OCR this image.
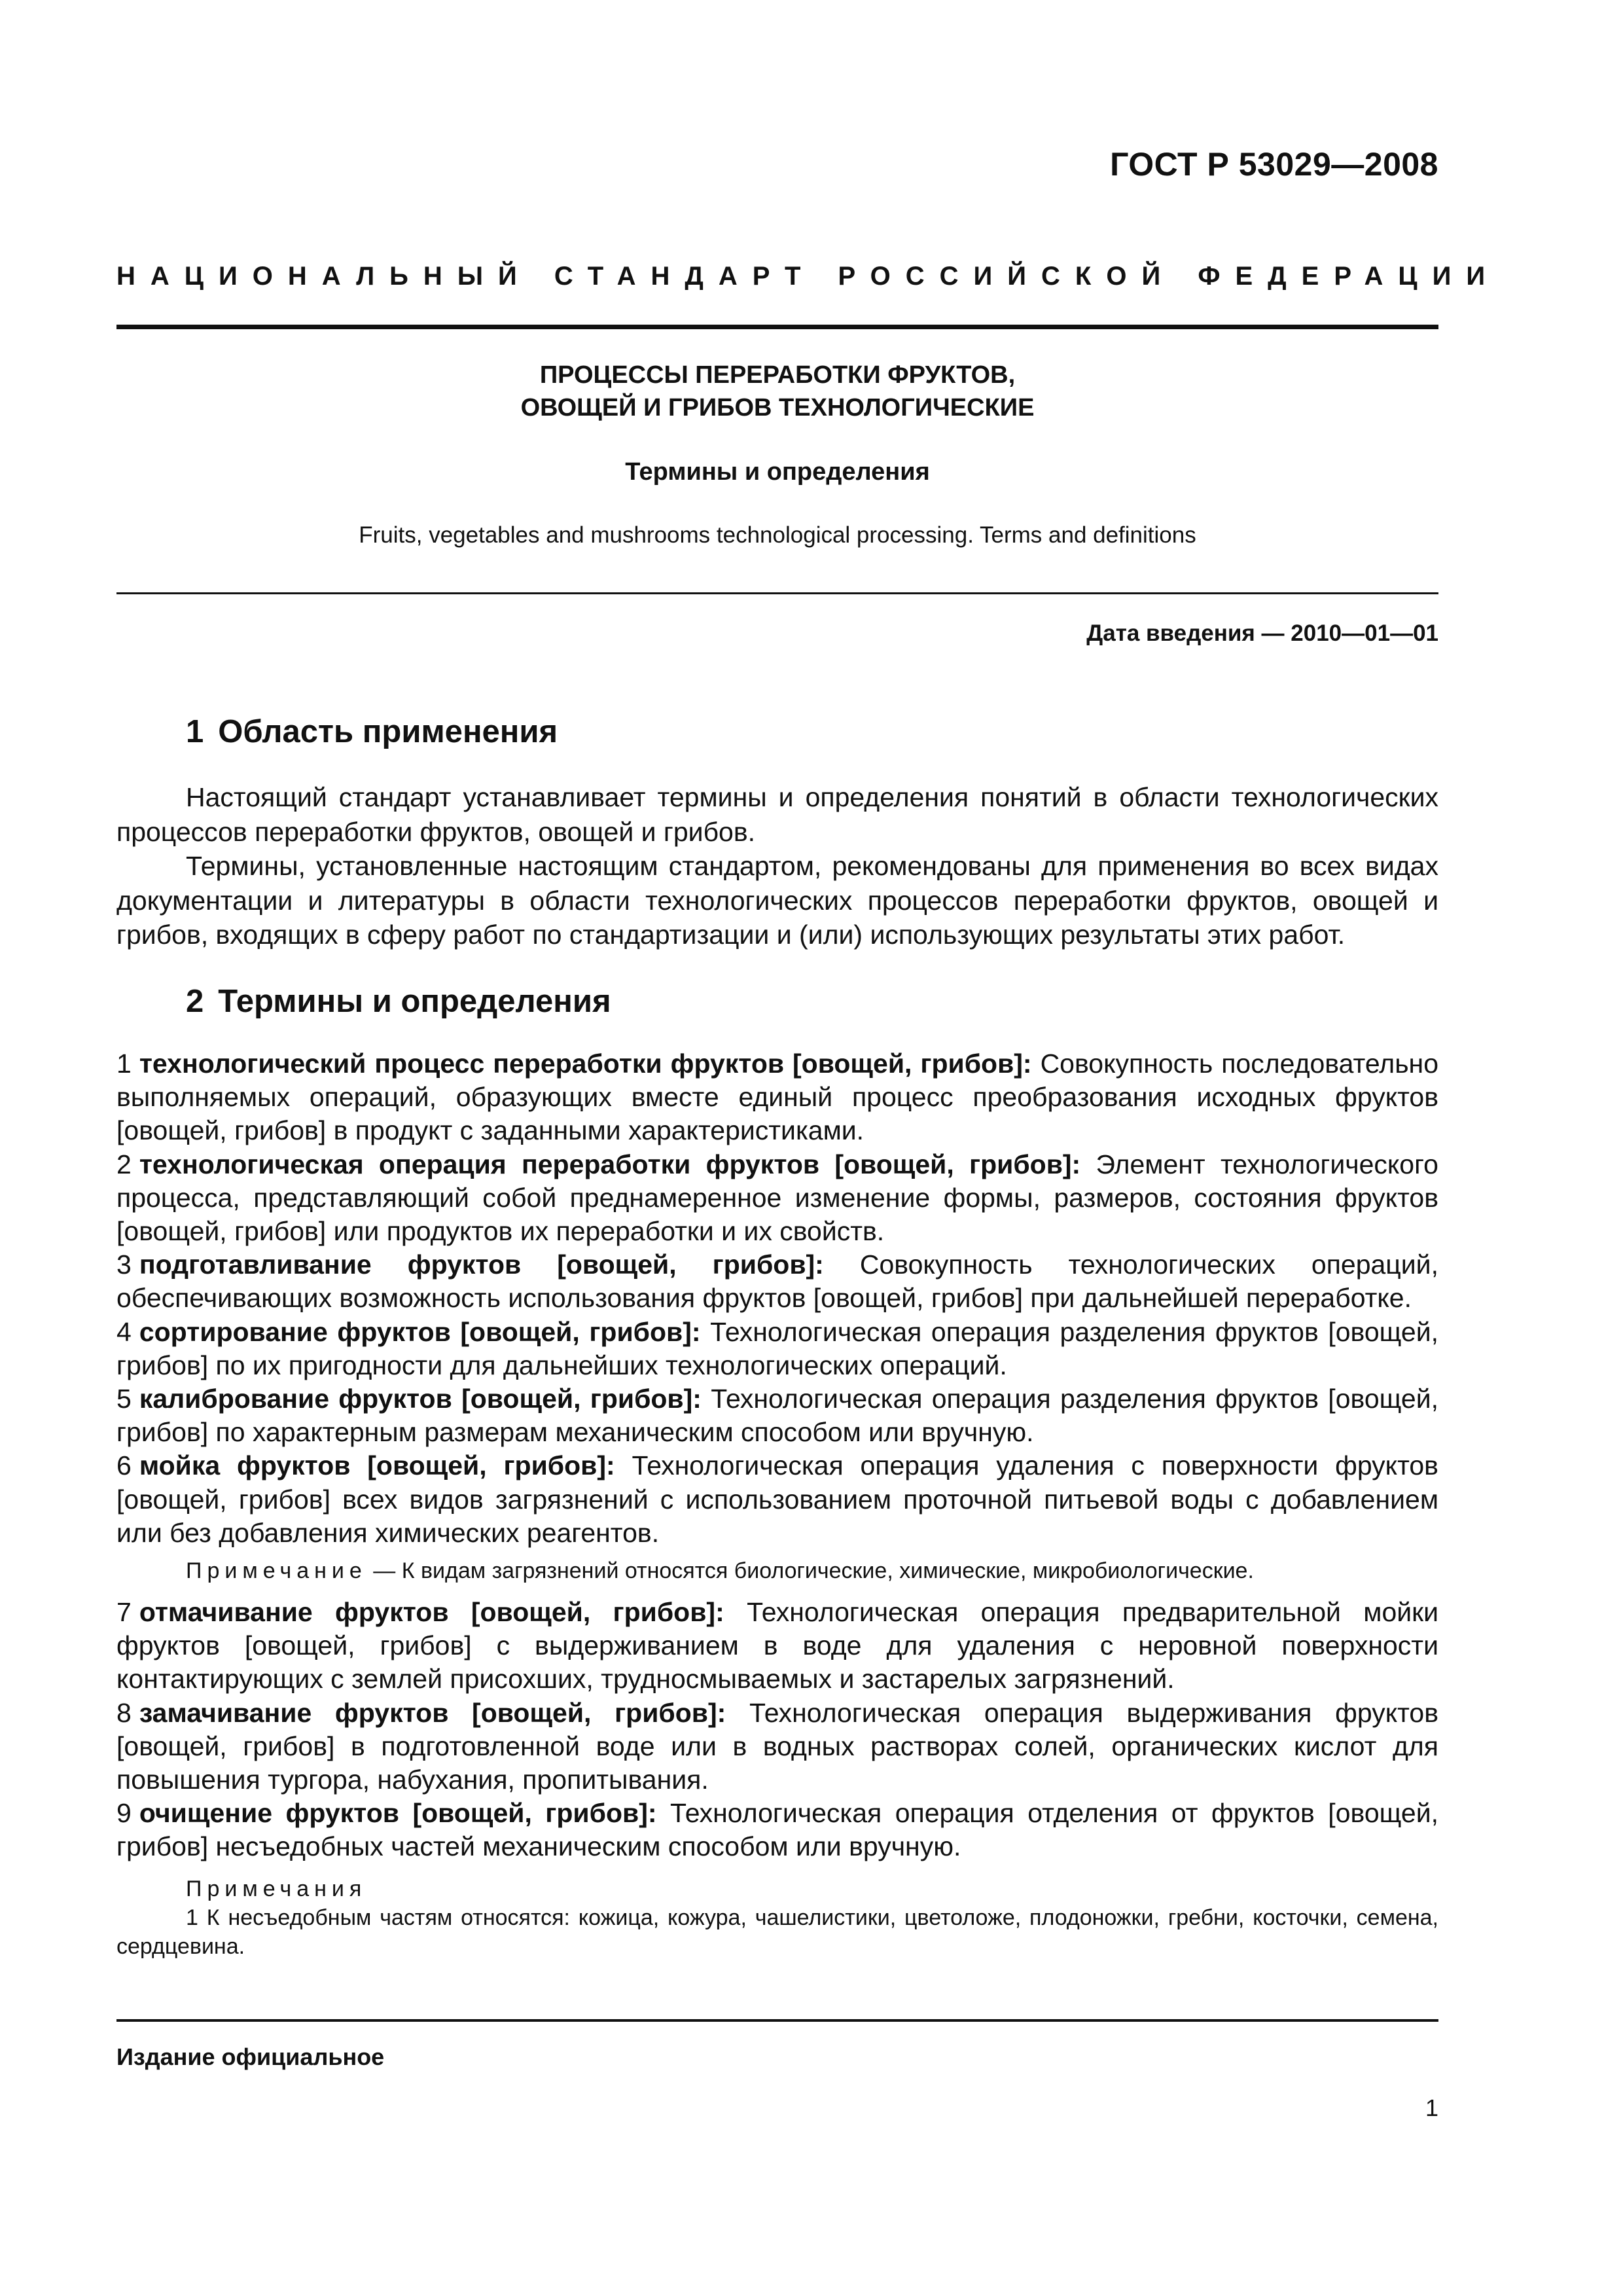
ГОСТ Р 53029—2008
НАЦИОНАЛЬНЫЙ СТАНДАРТ РОССИЙСКОЙ ФЕДЕРАЦИИ
ПРОЦЕССЫ ПЕРЕРАБОТКИ ФРУКТОВ,
ОВОЩЕЙ И ГРИБОВ ТЕХНОЛОГИЧЕСКИЕ
Термины и определения
Fruits, vegetables and mushrooms technological processing. Terms and definitions
Дата введения — 2010—01—01
1 Область применения

Настоящий стандарт устанавливает термины и определения понятий в области технологических процессов переработки фруктов, овощей и грибов.

Термины, установленные настоящим стандартом, рекомендованы для применения во всех видах документации и литературы в области технологических процессов переработки фруктов, овощей и грибов, входящих в сферу работ по стандартизации и (или) использующих результаты этих работ.

2 Термины и определения

1 технологический процесс переработки фруктов [овощей, грибов]: Совокупность последовательно выполняемых операций, образующих вместе единый процесс преобразования исходных фруктов [овощей, грибов] в продукт с заданными характеристиками.

2 технологическая операция переработки фруктов [овощей, грибов]: Элемент технологического процесса, представляющий собой преднамеренное изменение формы, размеров, состояния фруктов [овощей, грибов] или продуктов их переработки и их свойств.

3 подготавливание фруктов [овощей, грибов]: Совокупность технологических операций, обеспечивающих возможность использования фруктов [овощей, грибов] при дальнейшей переработке.

4 сортирование фруктов [овощей, грибов]: Технологическая операция разделения фруктов [овощей, грибов] по их пригодности для дальнейших технологических операций.

5 калиброваниe фруктов [овощей, грибов]: Технологическая операция разделения фруктов [овощей, грибов] по характерным размерам механическим способом или вручную.

6 мойка фруктов [овощей, грибов]: Технологическая операция удаления с поверхности фруктов [овощей, грибов] всех видов загрязнений с использованием проточной питьевой воды с добавлением или без добавления химических реагентов.

Примечание — К видам загрязнений относятся биологические, химические, микробиологические.

7 отмачивание фруктов [овощей, грибов]: Технологическая операция предварительной мойки фруктов [овощей, грибов] с выдерживанием в воде для удаления с неровной поверхности контактирующих с землей присохших, трудносмываемых и застарелых загрязнений.

8 замачивание фруктов [овощей, грибов]: Технологическая операция выдерживания фруктов [овощей, грибов] в подготовленной воде или в водных растворах солей, органических кислот для повышения тургора, набухания, пропитывания.

9 очищение фруктов [овощей, грибов]: Технологическая операция отделения от фруктов [овощей, грибов] несъедобных частей механическим способом или вручную.

Примечания

1 К несъедобным частям относятся: кожица, кожура, чашелистики, цветоложе, плодоножки, гребни, косточки, семена, сердцевина.

Издание официальное
1
